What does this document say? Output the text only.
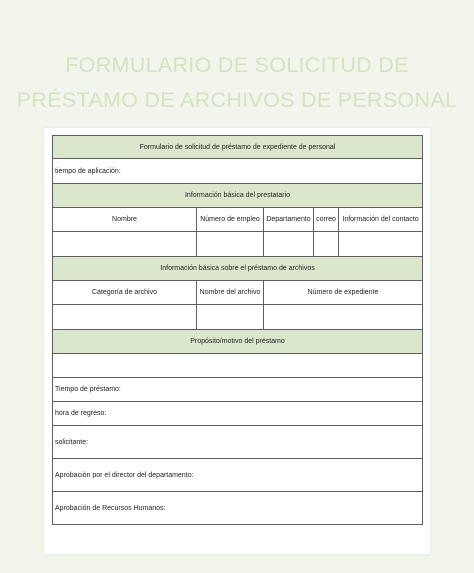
FORMULARIO DE SOLICITUD DE
PRÉSTAMO DE ARCHIVOS DE PERSONAL
Formulario de solicitud de préstamo de expediente de personal				
tiempo de aplicación:				
Información básica del prestatario				
Nombre	Número de empleo	Departamento	correo	Información del contacto

Información básica sobre el préstamo de archivos				
Categoría de archivo	Nombre del archivo	Número de expediente		

Propósito/motivo del préstamo				

Tiempo de préstamo:				
hora de regreso:				
solicitante:				
Aprobación por el director del departamento:				
Aprobación de Recursos Humanos:				
